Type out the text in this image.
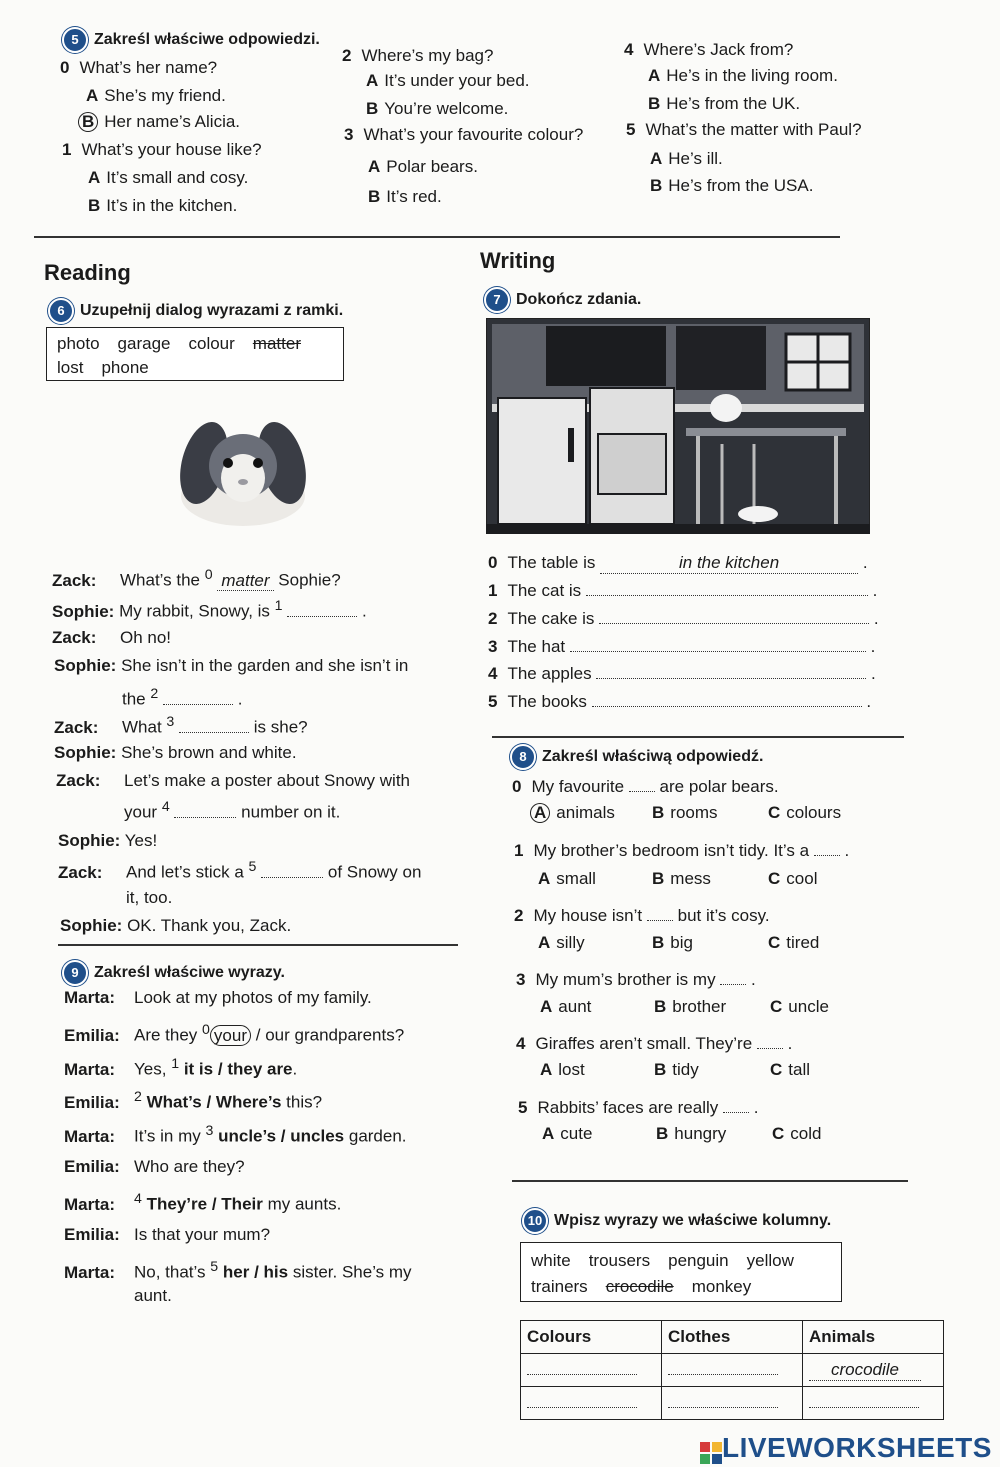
5 Zakreśl właściwe odpowiedzi.
0 What’s her name?
A She’s my friend.
B Her name’s Alicia.
1 What’s your house like?
A It’s small and cosy.
B It’s in the kitchen.
2 Where’s my bag?
A It’s under your bed.
B You’re welcome.
3 What’s your favourite colour?
A Polar bears.
B It’s red.
4 Where’s Jack from?
A He’s in the living room.
B He’s from the UK.
5 What’s the matter with Paul?
A He’s ill.
B He’s from the USA.
Reading
6 Uzupełnij dialog wyrazami z ramki.
photo garage colour matter
lost phone
Zack: What’s the $^0$ matter Sophie?
Sophie: My rabbit, Snowy, is $^1$	.
Zack: Oh no!
Sophie: She isn’t in the garden and she isn’t in
the $^2$	.
Zack: What $^3$	is she?
Sophie: She’s brown and white.
Zack: Let’s make a poster about Snowy with
your $^4$	number on it.
Sophie: Yes!
Zack: And let’s stick a $^5$	of Snowy on
it, too.
Sophie: OK. Thank you, Zack.
9 Zakreśl właściwe wyrazy.
Marta: Look at my photos of my family.
Emilia: Are they $^0$ your / our grandparents?
Marta: Yes, $^1$ it is / they are.
Emilia: $^2$ What’s / Where’s this?
Marta: It’s in my $^3$ uncle’s / uncles garden.
Emilia: Who are they?
Marta: $^4$ They’re / Their my aunts.
Emilia: Is that your mum?
Marta: No, that’s $^5$ her / his sister. She’s my
aunt.
Writing
7 Dokończ zdania.
0 The table is	in the kitchen	.
1 The cat is	.
2 The cake is	.
3 The hat	.
4 The apples	.
5 The books	.
8 Zakreśl właściwą odpowiedź.
0 My favourite are polar bears.
A animals B rooms	C colours
1 My brother’s bedroom isn’t tidy. It’s a .
A small	B mess	C cool
2 My house isn’t but it’s cosy.
A silly	B big	C tired
3 My mum’s brother is my .
A aunt	B brother	C uncle
4 Giraffes aren’t small. They’re .
A lost	B tidy	C tall
5 Rabbits’ faces are really .
A cute	B hungry	C cold
10 Wpisz wyrazy we właściwe kolumny.
white trousers penguin yellow
trainers crocodile monkey
Colours	Clothes	Animals
		crocodile

LIVEWORKSHEETS
